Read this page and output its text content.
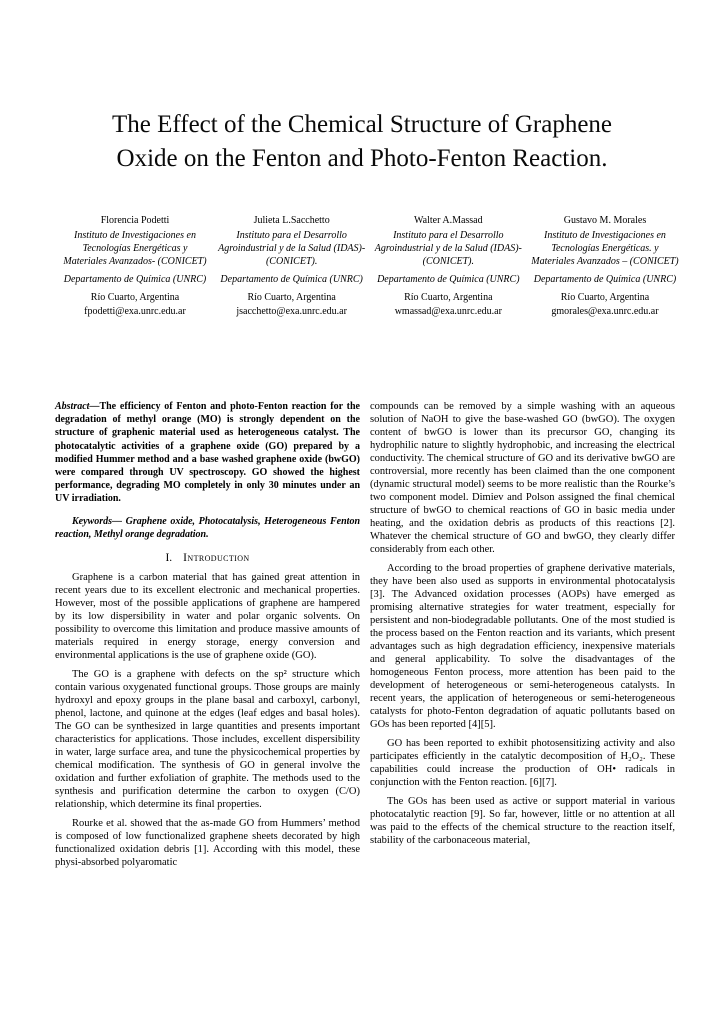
The Effect of the Chemical Structure of Graphene Oxide on the Fenton and Photo-Fenton Reaction.
Florencia Podetti
Instituto de Investigaciones en Tecnologías Energéticas y Materiales Avanzados- (CONICET)
Departamento de Química (UNRC)
Río Cuarto, Argentina
fpodetti@exa.unrc.edu.ar
Julieta L.Sacchetto
Instituto para el Desarrollo Agroindustrial y de la Salud (IDAS)- (CONICET).
Departamento de Química (UNRC)
Río Cuarto, Argentina
jsacchetto@exa.unrc.edu.ar
Walter A.Massad
Instituto para el Desarrollo Agroindustrial y de la Salud (IDAS)- (CONICET).
Departamento de Química (UNRC)
Río Cuarto, Argentina
wmassad@exa.unrc.edu.ar
Gustavo M. Morales
Instituto de Investigaciones en Tecnologías Energéticas. y Materiales Avanzados – (CONICET)
Departamento de Química (UNRC)
Río Cuarto, Argentina
gmorales@exa.unrc.edu.ar

Abstract—The efficiency of Fenton and photo-Fenton reaction for the degradation of methyl orange (MO) is strongly dependent on the structure of graphenic material used as heterogeneous catalyst. The photocatalytic activities of a graphene oxide (GO) prepared by a modified Hummer method and a base washed graphene oxide (bwGO) were compared through UV spectroscopy. GO showed the highest performance, degrading MO completely in only 30 minutes under an UV irradiation.

Keywords— Graphene oxide, Photocatalysis, Heterogeneous Fenton reaction, Methyl orange degradation.

I. Introduction

Graphene is a carbon material that has gained great attention in recent years due to its excellent electronic and mechanical properties. However, most of the possible applications of graphene are hampered by its low dispersibility in water and polar organic solvents. On possibility to overcome this limitation and produce massive amounts of materials required in energy storage, energy conversion and environmental applications is the use of graphene oxide (GO).

The GO is a graphene with defects on the sp² structure which contain various oxygenated functional groups. Those groups are mainly hydroxyl and epoxy groups in the plane basal and carboxyl, carbonyl, phenol, lactone, and quinone at the edges (leaf edges and basal holes). The GO can be synthesized in large quantities and presents important characteristics for applications. Those includes, excellent dispersibility in water, large surface area, and tune the physicochemical properties by chemical modification. The synthesis of GO in general involve the oxidation and further exfoliation of graphite. The methods used to the synthesis and purification determine the carbon to oxygen (C/O) relationship, which determine its final properties.

Rourke et al. showed that the as-made GO from Hummers’ method is composed of low functionalized graphene sheets decorated by high functionalized oxidation debris [1]. According with this model, these physi-absorbed polyaromatic

compounds can be removed by a simple washing with an aqueous solution of NaOH to give the base-washed GO (bwGO). The oxygen content of bwGO is lower than its precursor GO, changing its hydrophilic nature to slightly hydrophobic, and increasing the electrical conductivity. The chemical structure of GO and its derivative bwGO are controversial, more recently has been claimed than the one component (dynamic structural model) seems to be more realistic than the Rourke’s two component model. Dimiev and Polson assigned the final chemical structure of bwGO to chemical reactions of GO in basic media under heating, and the oxidation debris as products of this reactions [2]. Whatever the chemical structure of GO and bwGO, they clearly differ considerably from each other.

According to the broad properties of graphene derivative materials, they have been also used as supports in environmental photocatalysis [3]. The Advanced oxidation processes (AOPs) have emerged as promising alternative strategies for water treatment, especially for persistent and non-biodegradable pollutants. One of the most studied is the process based on the Fenton reaction and its variants, which present advantages such as high degradation efficiency, inexpensive materials and general applicability. To solve the disadvantages of the homogeneous Fenton process, more attention has been paid to the development of heterogeneous or semi-heterogeneous catalysts. In recent years, the application of heterogeneous or semi-heterogeneous catalysts for photo-Fenton degradation of aquatic pollutants based on GOs has been reported [4][5].

GO has been reported to exhibit photosensitizing activity and also participates efficiently in the catalytic decomposition of H₂O₂. These capabilities could increase the production of OH• radicals in conjunction with the Fenton reaction. [6][7].

The GOs has been used as active or support material in various photocatalytic reaction [9]. So far, however, little or no attention at all was paid to the effects of the chemical structure to the reaction itself, stability of the carbonaceous material,
